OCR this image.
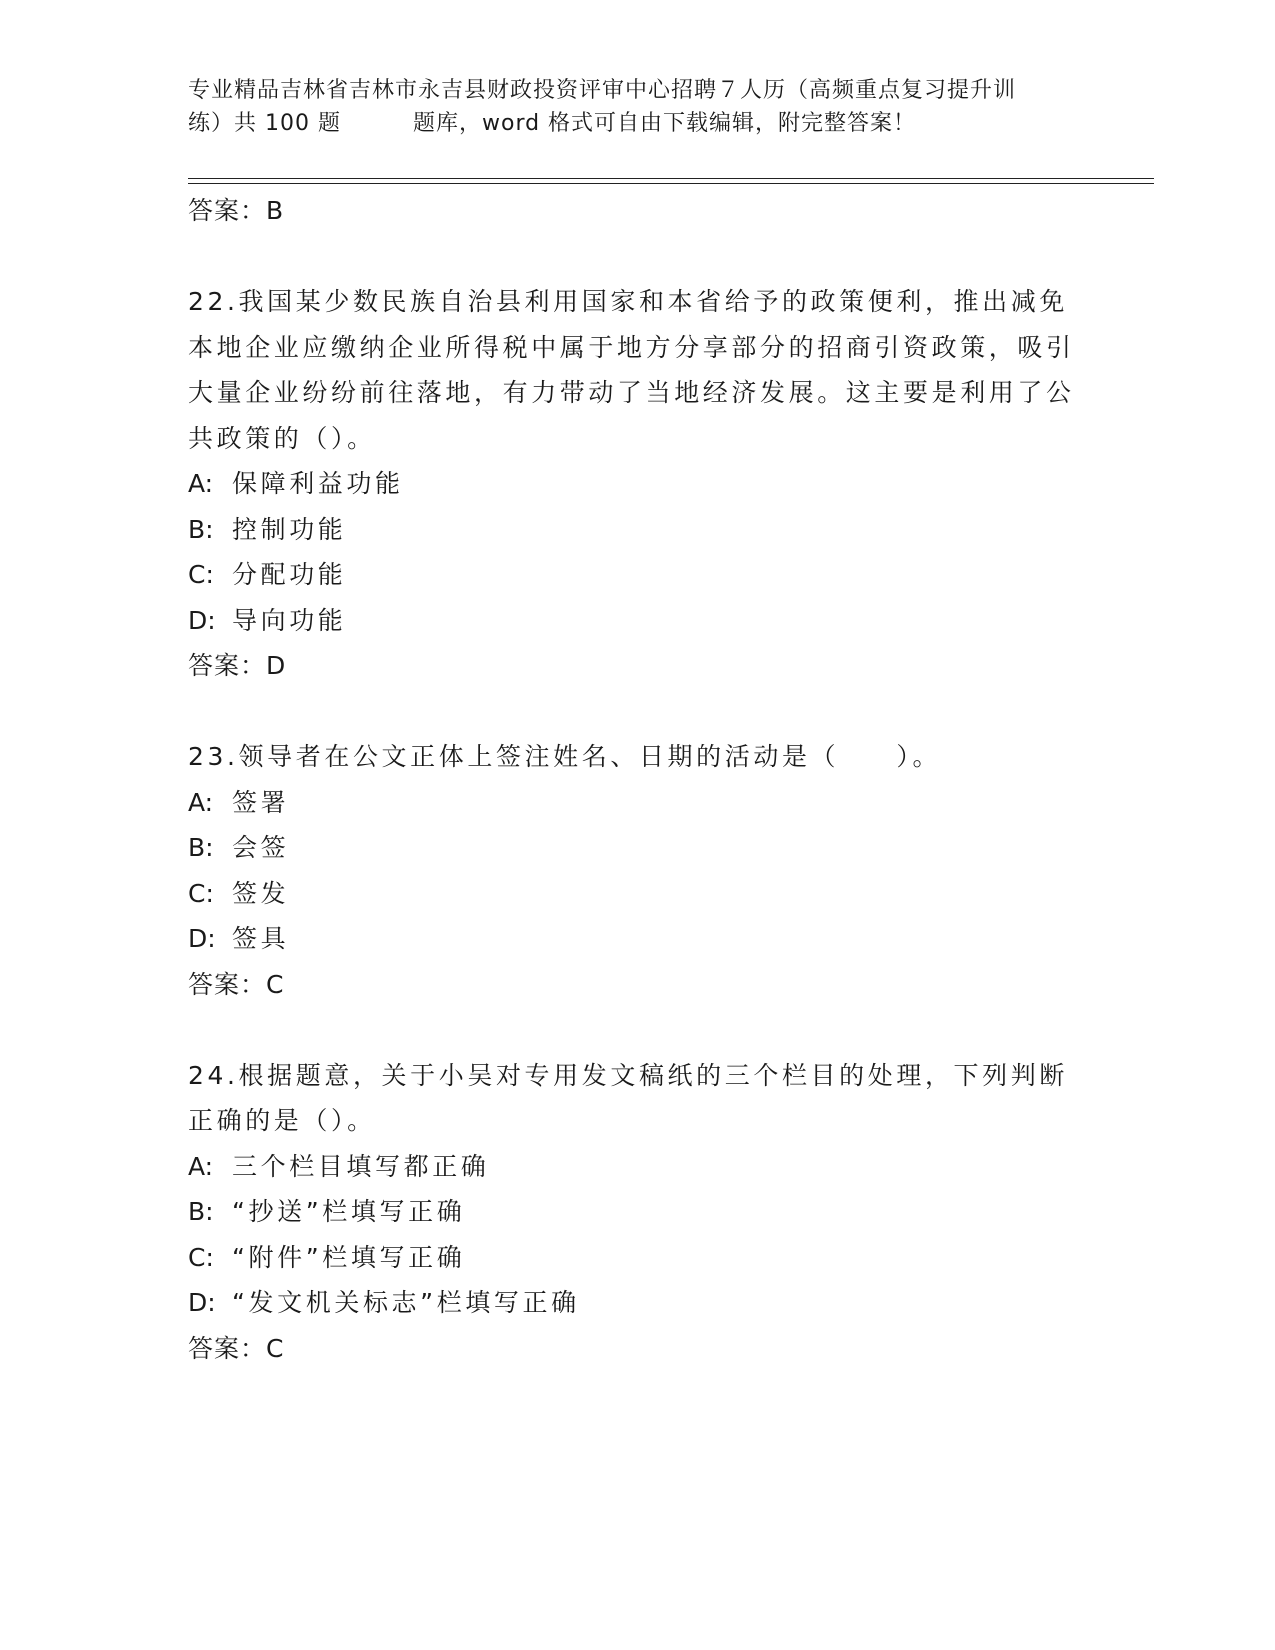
专业精品吉林省吉林市永吉县财政投资评审中心招聘７人历（高频重点复习提升训
练）共 100 题	题库，word 格式可自由下载编辑，附完整答案！
答案：B
22.我国某少数民族自治县利用国家和本省给予的政策便利，推出减免本地企业应缴纳企业所得税中属于地方分享部分的招商引资政策，吸引大量企业纷纷前往落地，有力带动了当地经济发展。这主要是利用了公共政策的（）。
A: 保障利益功能
B: 控制功能
C: 分配功能
D: 导向功能
答案：D
23.领导者在公文正体上签注姓名、日期的活动是（　　）。
A: 签署
B: 会签
C: 签发
D: 签具
答案：C
24.根据题意，关于小吴对专用发文稿纸的三个栏目的处理，下列判断正确的是（）。
A: 三个栏目填写都正确
B: “抄送”栏填写正确
C: “附件”栏填写正确
D: “发文机关标志”栏填写正确
答案：C
